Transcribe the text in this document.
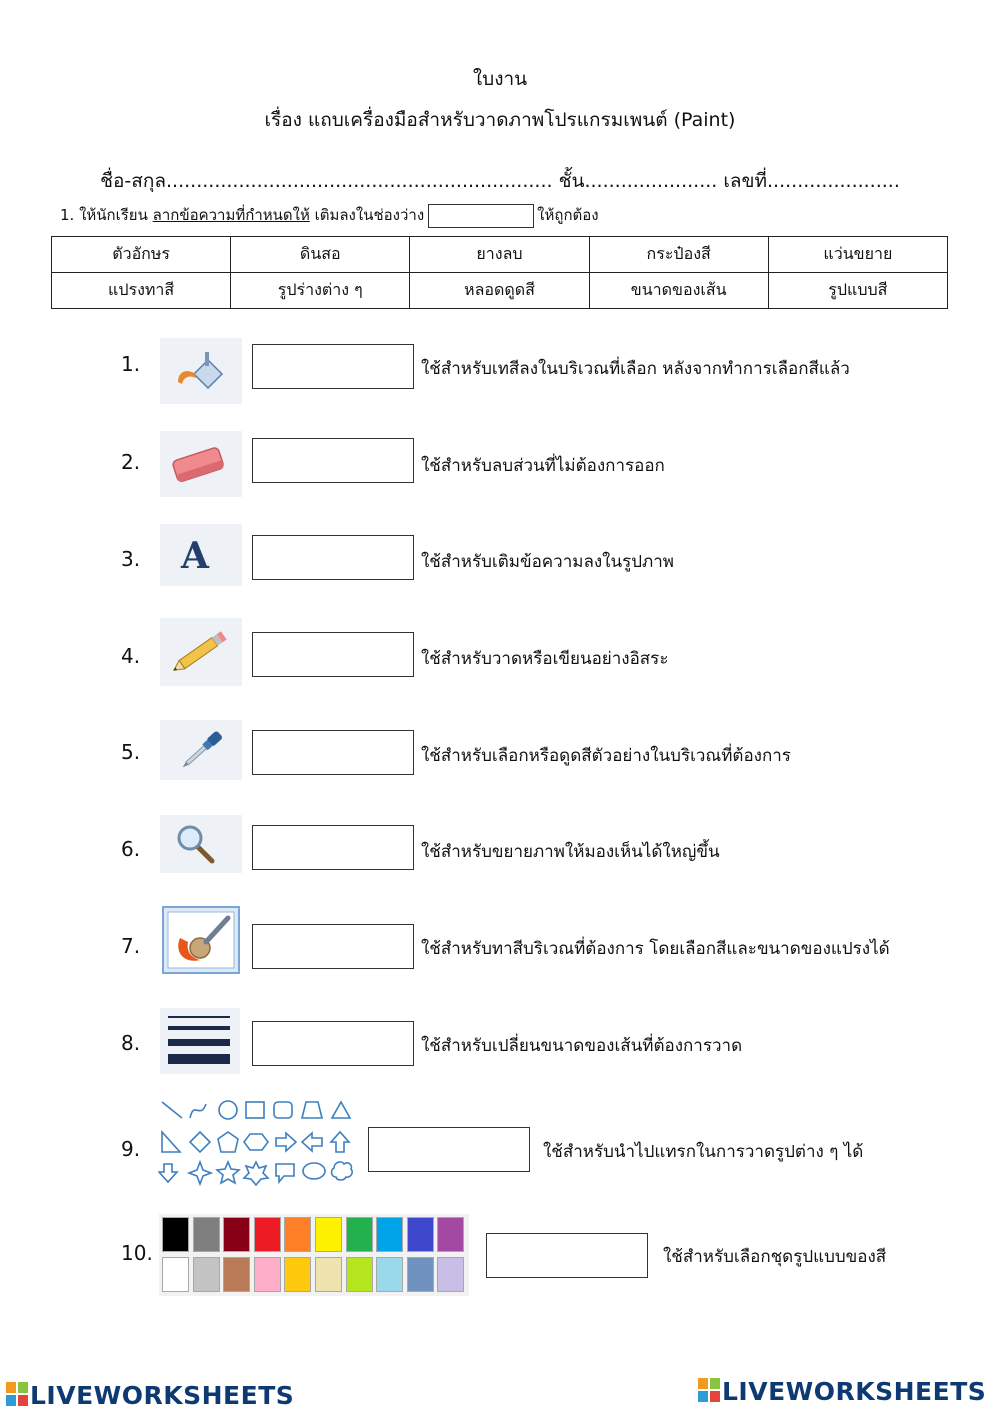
ใบงาน
เรื่อง แถบเครื่องมือสำหรับวาดภาพโปรแกรมเพนต์ (Paint)
ชื่อ-สกุล................................................................ ชั้น...................... เลขที่......................
1. ให้นักเรียน ลากข้อความที่กำหนดให้ เติมลงในช่องว่าง	ให้ถูกต้อง
ตัวอักษร	ดินสอ	ยางลบ	กระป๋องสี	แว่นขยาย
แปรงทาสี	รูปร่างต่าง ๆ	หลอดดูดสี	ขนาดของเส้น	รูปแบบสี
1.	ใช้สำหรับเทสีลงในบริเวณที่เลือก หลังจากทำการเลือกสีแล้ว
2.	ใช้สำหรับลบส่วนที่ไม่ต้องการออก
3. A	ใช้สำหรับเติมข้อความลงในรูปภาพ
4.	ใช้สำหรับวาดหรือเขียนอย่างอิสระ
5.	ใช้สำหรับเลือกหรือดูดสีตัวอย่างในบริเวณที่ต้องการ
6.	ใช้สำหรับขยายภาพให้มองเห็นได้ใหญ่ขึ้น
7.	ใช้สำหรับทาสีบริเวณที่ต้องการ โดยเลือกสีและขนาดของแปรงได้
8.	ใช้สำหรับเปลี่ยนขนาดของเส้นที่ต้องการวาด
9.	ใช้สำหรับนำไปแทรกในการวาดรูปต่าง ๆ ได้
10.	ใช้สำหรับเลือกชุดรูปแบบของสี
LIVEWORKSHEETS	LIVEWORKSHEETS
